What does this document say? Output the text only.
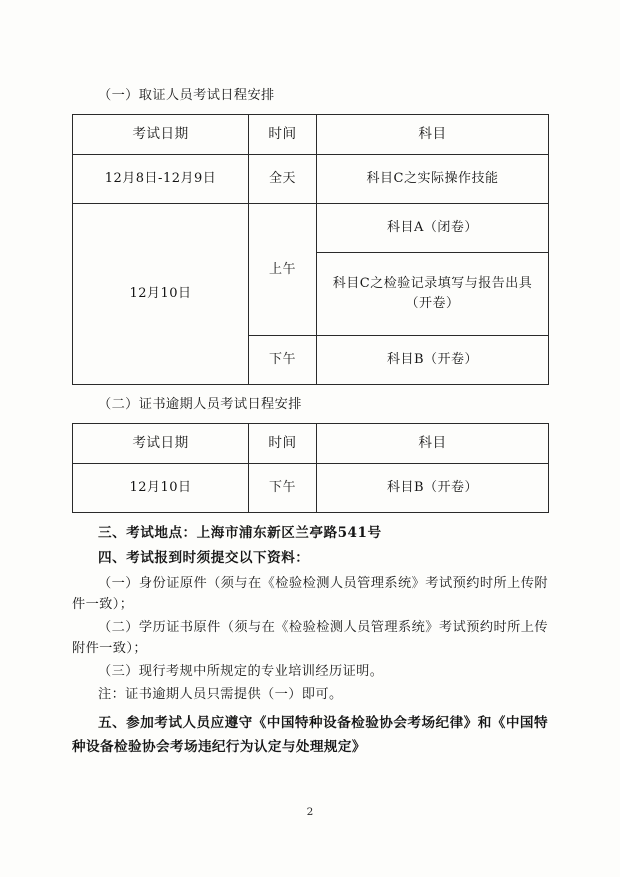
（一）取证人员考试日程安排

考试日期	时间	科目
12月8日-12月9日	全天	科目C之实际操作技能
12月10日	上午	科目A（闭卷）
		科目C之检验记录填写与报告出具（开卷）
	下午	科目B（开卷）

（二）证书逾期人员考试日程安排

考试日期	时间	科目
12月10日	下午	科目B（开卷）

三、考试地点：上海市浦东新区兰亭路541号

四、考试报到时须提交以下资料：

（一）身份证原件（须与在《检验检测人员管理系统》考试预约时所上传附件一致）；

（二）学历证书原件（须与在《检验检测人员管理系统》考试预约时所上传附件一致）；

（三）现行考规中所规定的专业培训经历证明。

注：证书逾期人员只需提供（一）即可。

五、参加考试人员应遵守《中国特种设备检验协会考场纪律》和《中国特种设备检验协会考场违纪行为认定与处理规定》

2
